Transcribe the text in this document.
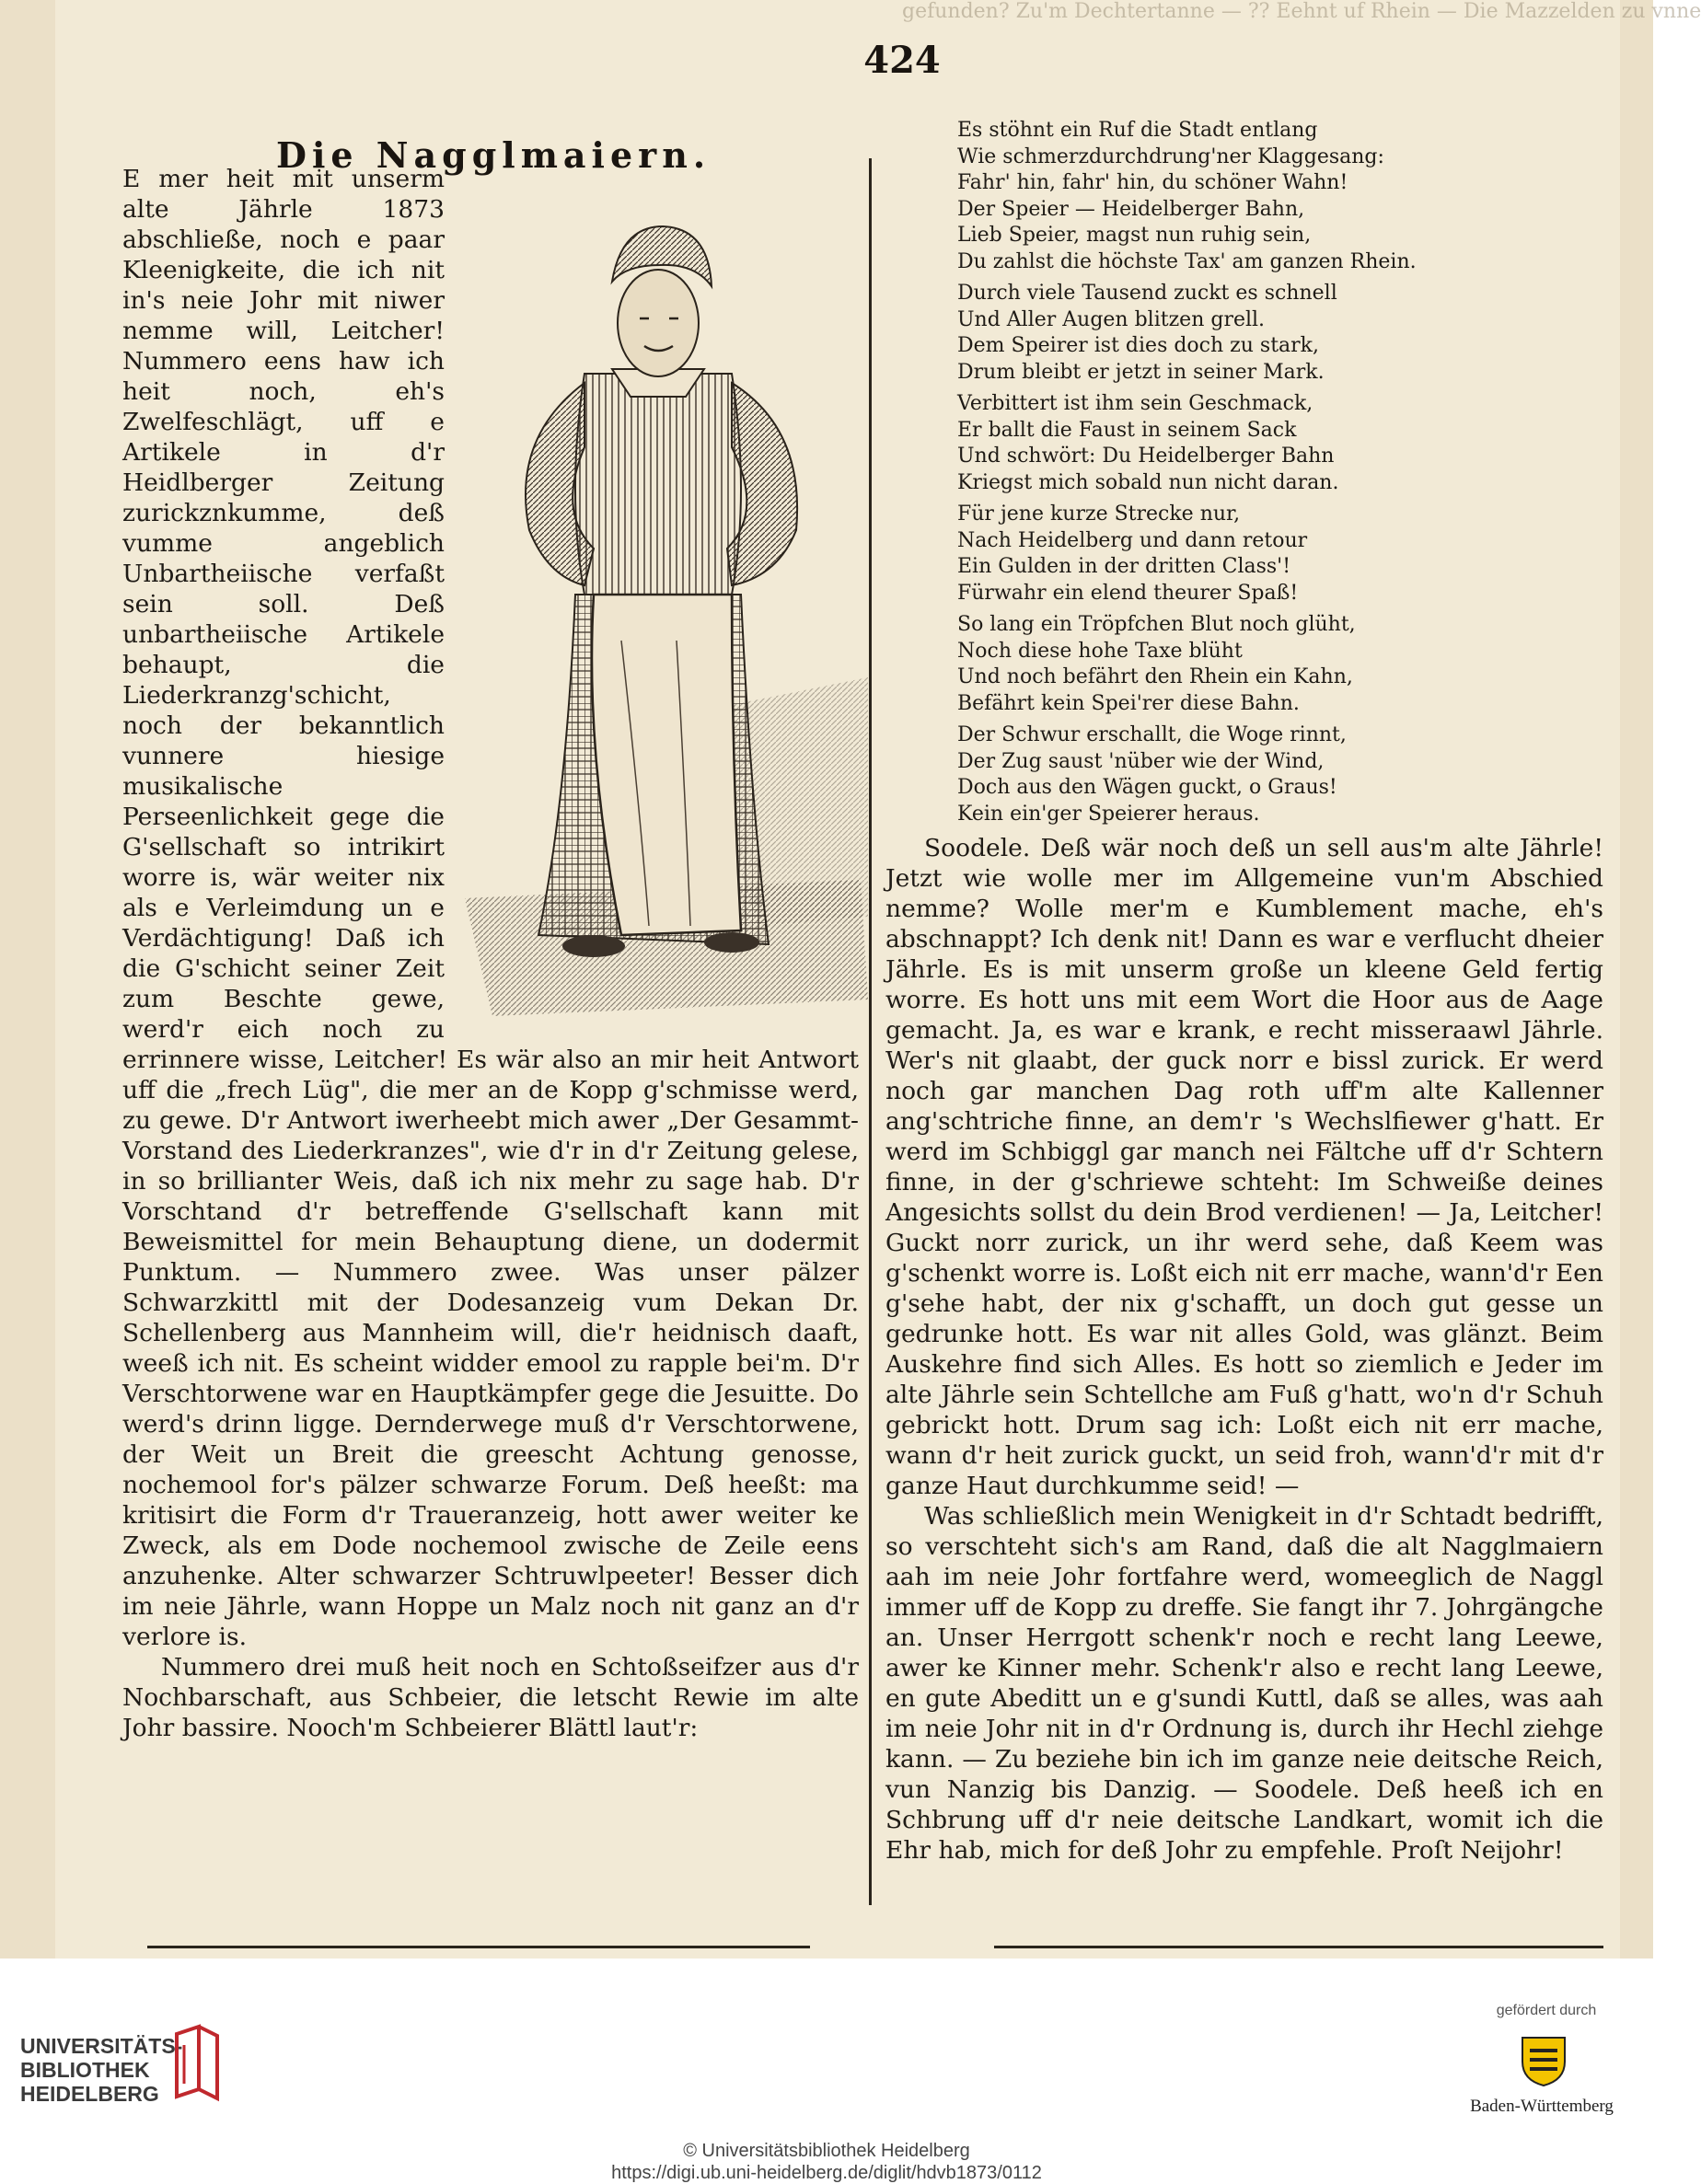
gefunden? Zu'm Dechtertanne — ?? Eehnt uf Rhein — Die Mazzelden zu vnne
424
Die Nagglmaiern.

E mer heit mit unserm alte Jährle 1873 abschließe, noch e paar Kleenigkeite, die ich nit in's neie Johr mit niwer nemme will, Leitcher! Nummero eens haw ich heit noch, eh's Zwelfeschlägt, uff e Artikele in d'r Heidlberger Zeitung zurickznkumme, deß vumme angeblich Unbartheiische verfaßt sein soll. Deß unbartheiische Artikele behaupt, die Liederkranzg'schicht, noch der bekanntlich vunnere hiesige musikalische Perseenlichkeit gege die G'sellschaft so intrikirt worre is, wär weiter nix als e Verleimdung un e Verdächtigung! Daß ich die G'schicht seiner Zeit zum Beschte gewe, werd'r eich noch zu errinnere wisse, Leitcher! Es wär also an mir heit Antwort uff die „frech Lüg", die mer an de Kopp g'schmisse werd, zu gewe. D'r Antwort iwerheebt mich awer „Der Gesammt-Vorstand des Liederkranzes", wie d'r in d'r Zeitung gelese, in so brillianter Weis, daß ich nix mehr zu sage hab. D'r Vorschtand d'r betreffende G'sellschaft kann mit Beweismittel for mein Behauptung diene, un dodermit Punktum. — Nummero zwee. Was unser pälzer Schwarzkittl mit der Dodesanzeig vum Dekan Dr. Schellenberg aus Mannheim will, die'r heidnisch daaft, weeß ich nit. Es scheint widder emool zu rapple bei'm. D'r Verschtorwene war en Hauptkämpfer gege die Jesuitte. Do werd's drinn ligge. Dernderwege muß d'r Verschtorwene, der Weit un Breit die greescht Achtung genosse, nochemool for's pälzer schwarze Forum. Deß heeßt: ma kritisirt die Form d'r Traueranzeig, hott awer weiter ke Zweck, als em Dode nochemool zwische de Zeile eens anzuhenke. Alter schwarzer Schtruwlpeeter! Besser dich im neie Jährle, wann Hoppe un Malz noch nit ganz an d'r verlore is.

Nummero drei muß heit noch en Schtoßseifzer aus d'r Nochbarschaft, aus Schbeier, die letscht Rewie im alte Johr bassire. Nooch'm Schbeierer Blättl laut'r:

Es stöhnt ein Ruf die Stadt entlang
Wie schmerzdurchdrung'ner Klaggesang:
Fahr' hin, fahr' hin, du schöner Wahn!
Der Speier — Heidelberger Bahn,
Lieb Speier, magst nun ruhig sein,
Du zahlst die höchste Tax' am ganzen Rhein.
Durch viele Tausend zuckt es schnell
Und Aller Augen blitzen grell.
Dem Speirer ist dies doch zu stark,
Drum bleibt er jetzt in seiner Mark.
Verbittert ist ihm sein Geschmack,
Er ballt die Faust in seinem Sack
Und schwört: Du Heidelberger Bahn
Kriegst mich sobald nun nicht daran.
Für jene kurze Strecke nur,
Nach Heidelberg und dann retour
Ein Gulden in der dritten Class'!
Fürwahr ein elend theurer Spaß!
So lang ein Tröpfchen Blut noch glüht,
Noch diese hohe Taxe blüht
Und noch befährt den Rhein ein Kahn,
Befährt kein Spei'rer diese Bahn.
Der Schwur erschallt, die Woge rinnt,
Der Zug saust 'nüber wie der Wind,
Doch aus den Wägen guckt, o Graus!
Kein ein'ger Speierer heraus.

Soodele. Deß wär noch deß un sell aus'm alte Jährle! Jetzt wie wolle mer im Allgemeine vun'm Abschied nemme? Wolle mer'm e Kumblement mache, eh's abschnappt? Ich denk nit! Dann es war e verflucht dheier Jährle. Es is mit unserm große un kleene Geld fertig worre. Es hott uns mit eem Wort die Hoor aus de Aage gemacht. Ja, es war e krank, e recht misseraawl Jährle. Wer's nit glaabt, der guck norr e bissl zurick. Er werd noch gar manchen Dag roth uff'm alte Kallenner ang'schtriche finne, an dem'r 's Wechslfiewer g'hatt. Er werd im Schbiggl gar manch nei Fältche uff d'r Schtern finne, in der g'schriewe schteht: Im Schweiße deines Angesichts sollst du dein Brod verdienen! — Ja, Leitcher! Guckt norr zurick, un ihr werd sehe, daß Keem was g'schenkt worre is. Loßt eich nit err mache, wann'd'r Een g'sehe habt, der nix g'schafft, un doch gut gesse un gedrunke hott. Es war nit alles Gold, was glänzt. Beim Auskehre find sich Alles. Es hott so ziemlich e Jeder im alte Jährle sein Schtellche am Fuß g'hatt, wo'n d'r Schuh gebrickt hott. Drum sag ich: Loßt eich nit err mache, wann d'r heit zurick guckt, un seid froh, wann'd'r mit d'r ganze Haut durchkumme seid! —

Was schließlich mein Wenigkeit in d'r Schtadt bedrifft, so verschteht sich's am Rand, daß die alt Nagglmaiern aah im neie Johr fortfahre werd, womeeglich de Naggl immer uff de Kopp zu dreffe. Sie fangt ihr 7. Johrgängche an. Unser Herrgott schenk'r noch e recht lang Leewe, awer ke Kinner mehr. Schenk'r also e recht lang Leewe, en gute Abeditt un e g'sundi Kuttl, daß se alles, was aah im neie Johr nit in d'r Ordnung is, durch ihr Hechl ziehge kann. — Zu beziehe bin ich im ganze neie deitsche Reich, vun Nanzig bis Danzig. — Soodele. Deß heeß ich en Schbrung uff d'r neie deitsche Landkart, womit ich die Ehr hab, mich for deß Johr zu empfehle. Proſt Neijohr!

UNIVERSITÄTS-
BIBLIOTHEK
HEIDELBERG
gefördert durch
Baden-Württemberg
© Universitätsbibliothek Heidelberg
https://digi.ub.uni-heidelberg.de/diglit/hdvb1873/0112
